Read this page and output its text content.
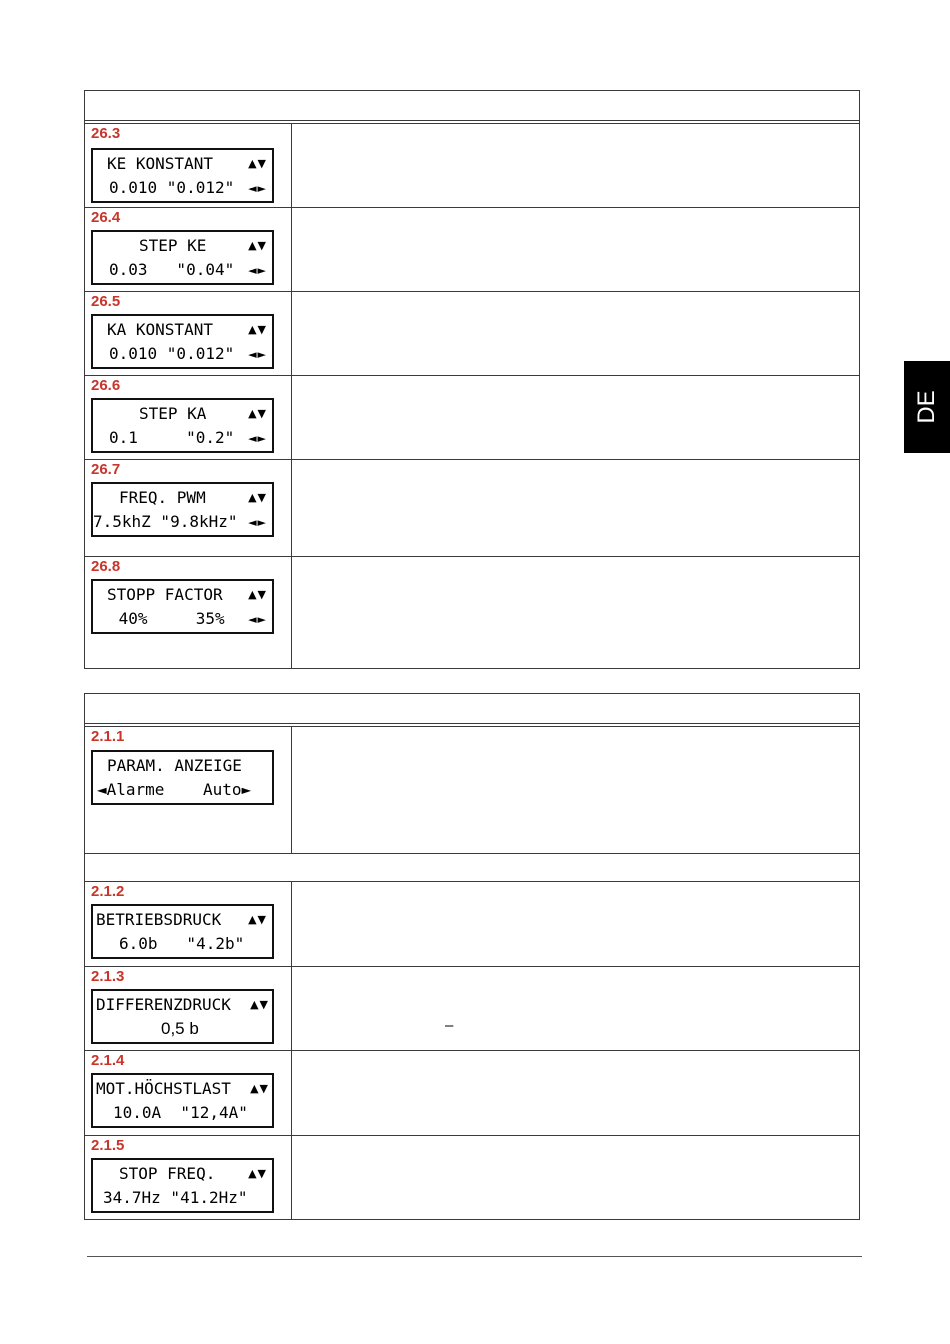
26.3
KE KONSTANT	▲▼
0.010 "0.012"	◄►
26.4
STEP KE	▲▼
0.03   "0.04"	◄►
26.5
KA KONSTANT	▲▼
0.010 "0.012"	◄►
26.6
STEP KA	▲▼
0.1     "0.2"	◄►
26.7
FREQ. PWM	▲▼
7.5khZ "9.8kHz" ◄►
26.8
STOPP FACTOR	▲▼
40%     35%	◄►
2.1.1
PARAM. ANZEIGE
◄Alarme    Auto►
2.1.2
BETRIEBSDRUCK	▲▼
6.0b   "4.2b"
2.1.3
DIFFERENZDRUCK	▲▼
0,5 b	–
2.1.4
MOT.HÖCHSTLAST	▲▼
10.0A  "12,4A"
2.1.5
STOP FREQ.	▲▼
34.7Hz "41.2Hz"
DE
